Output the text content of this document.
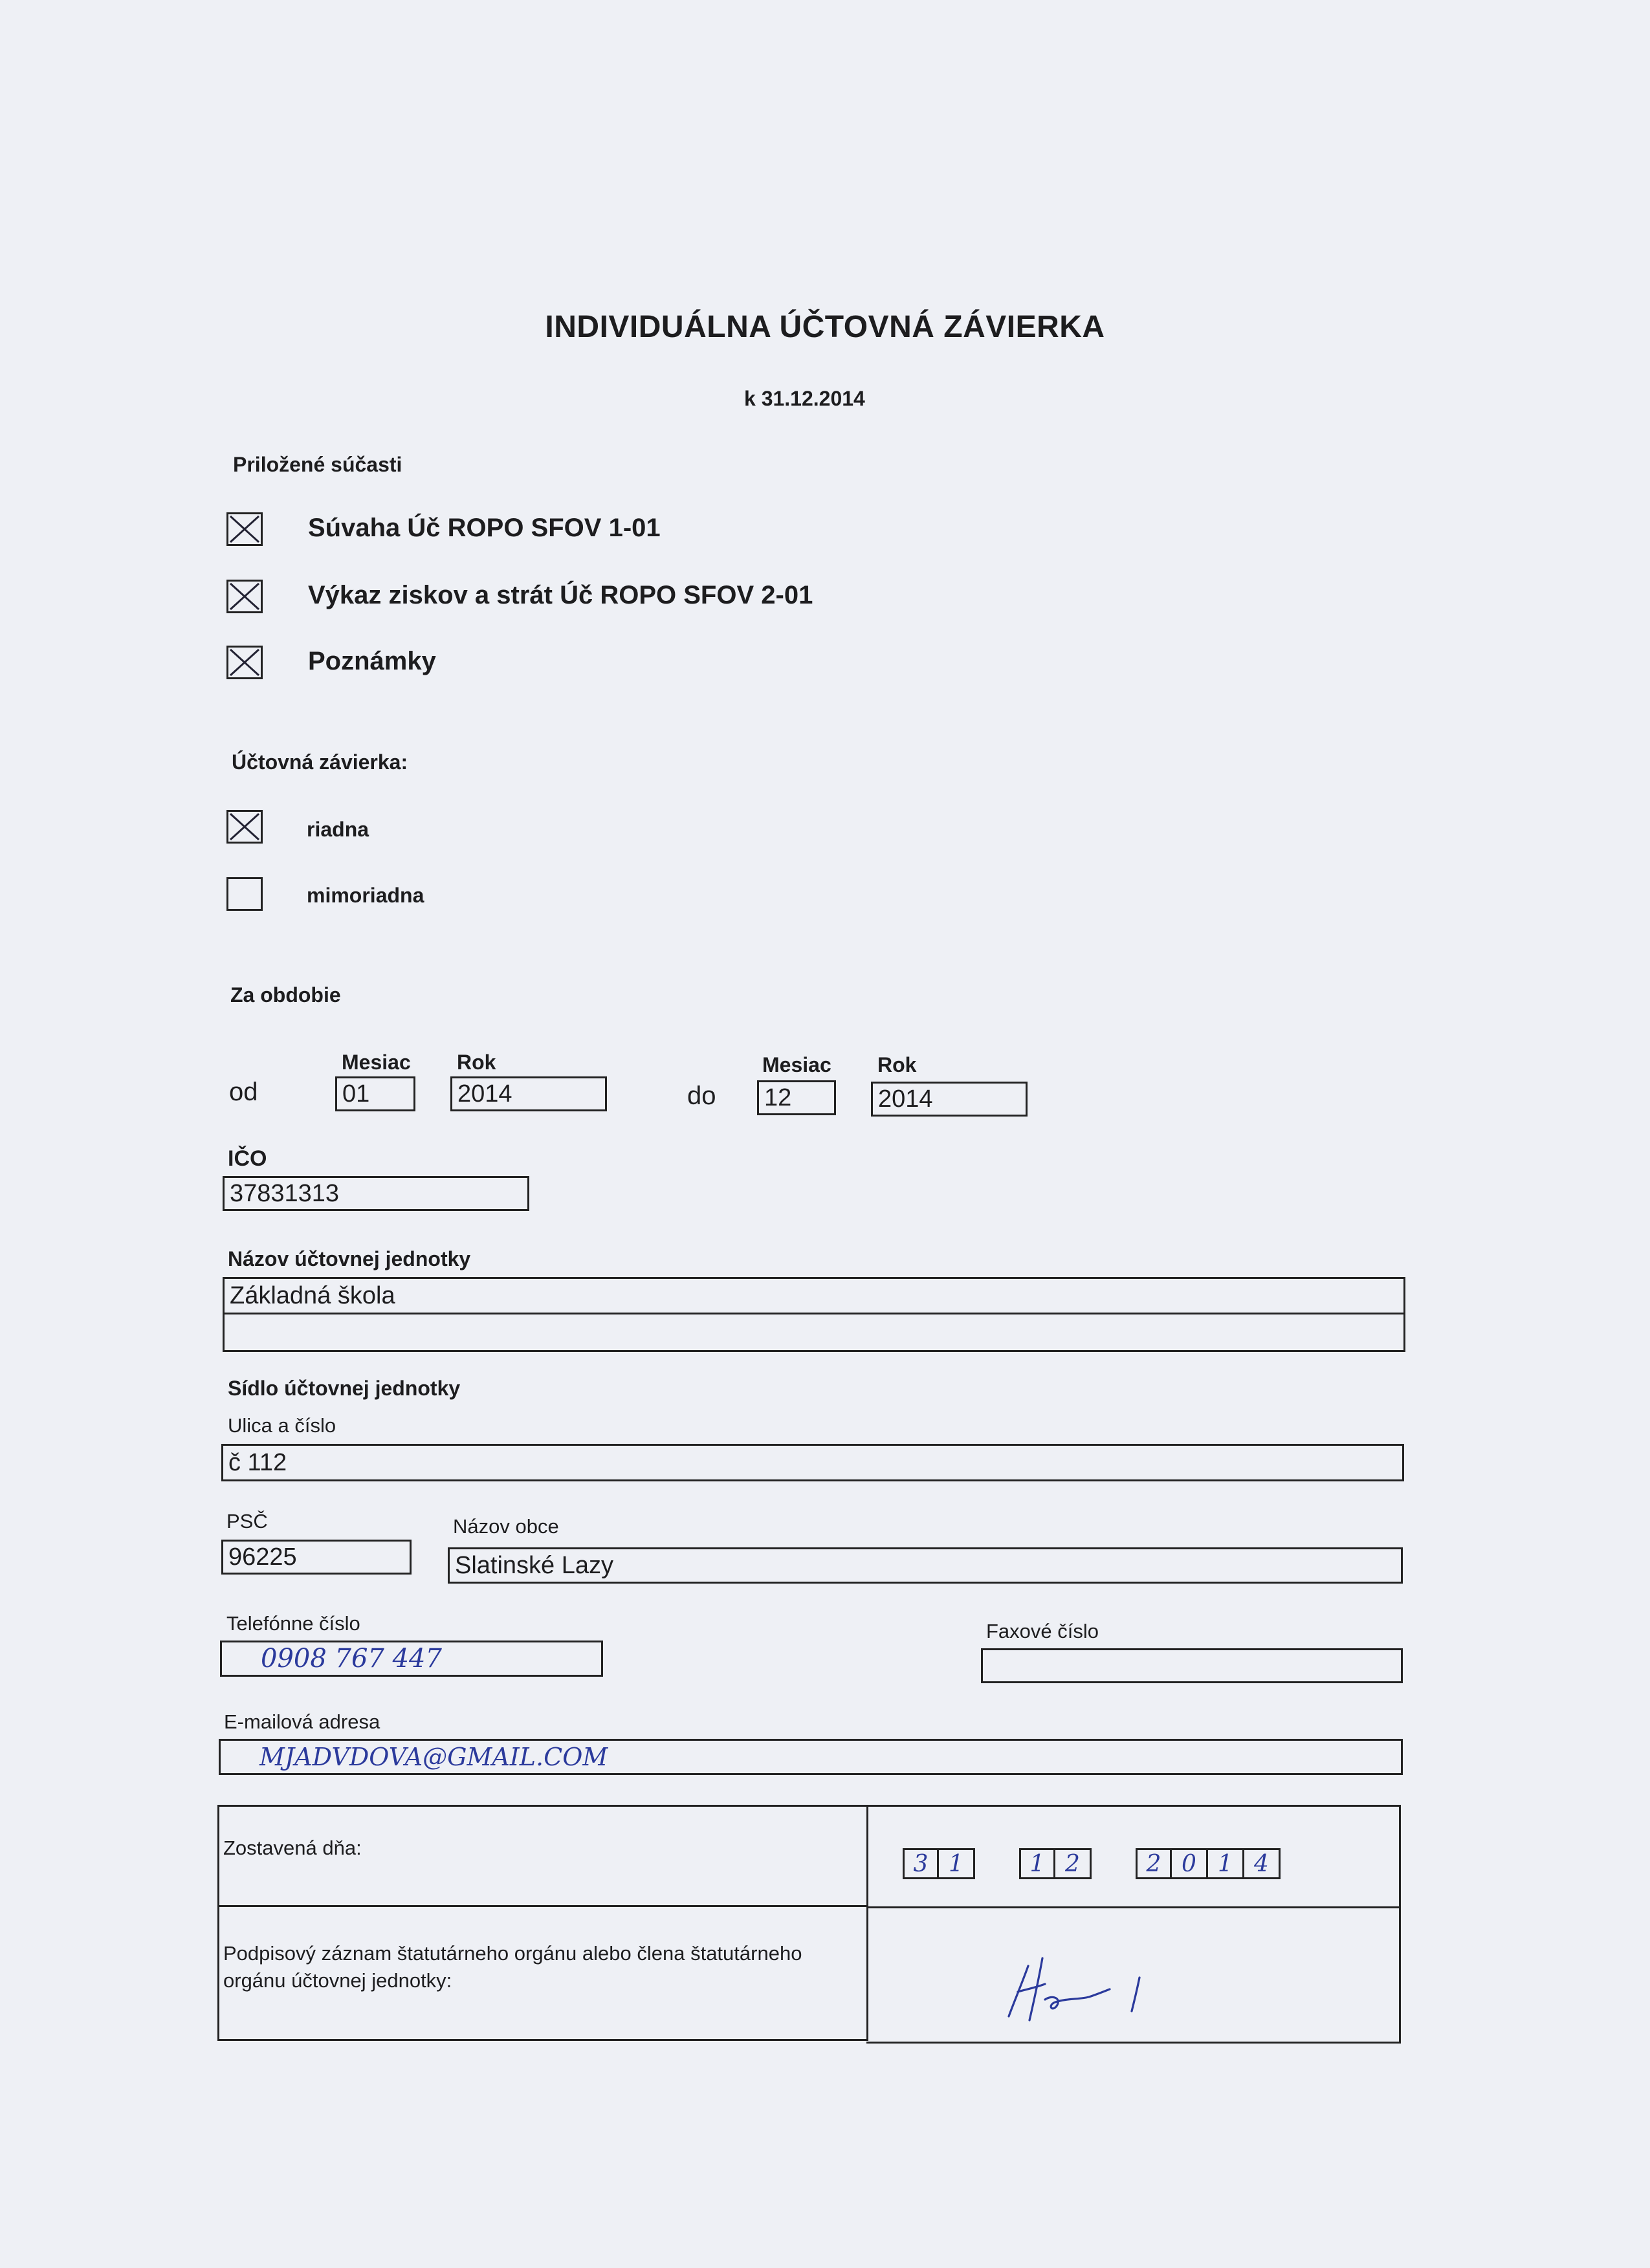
INDIVIDUÁLNA ÚČTOVNÁ ZÁVIERKA
k 31.12.2014
Priložené súčasti
Súvaha Úč ROPO SFOV 1-01
Výkaz ziskov a strát Úč ROPO SFOV 2-01
Poznámky
Účtovná závierka:
riadna
mimoriadna
Za obdobie
Mesiac Rok
od	01	2014
Mesiac Rok
do 12	2014
IČO
37831313
Názov účtovnej jednotky
Základná škola
Sídlo účtovnej jednotky
Ulica a číslo
č 112
PSČ
96225
Názov obce
Slatinské Lazy
Telefónne číslo
0908 767 447
Faxové číslo
E-mailová adresa
MJADVDOVA@GMAIL.COM
Zostavená dňa:
3 1	1 2	2 0 1 4
Podpisový záznam štatutárneho orgánu alebo člena štatutárneho orgánu účtovnej jednotky:
